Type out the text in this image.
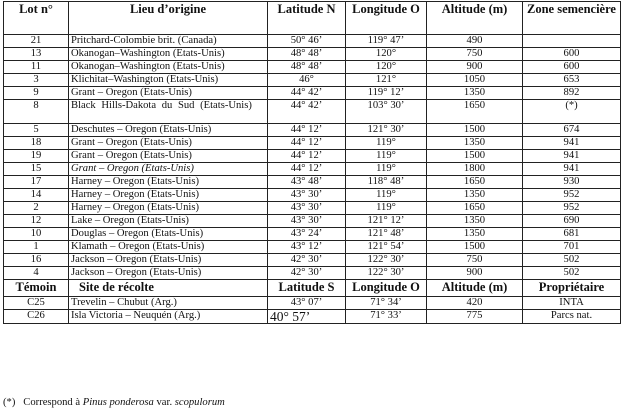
Lot n°	Lieu d’origine	Latitude N	Longitude O	Altitude (m)	Zone semencière
21	Pritchard-Colombie brit. (Canada)	50° 46’	119° 47’	490	
13	Okanogan–Washington (Etats-Unis)	48° 48’	120°	750	600
11	Okanogan–Washington (Etats-Unis)	48° 48’	120°	900	600
3	Klichitat–Washington (Etats-Unis)	46°	121°	1050	653
9	Grant – Oregon (Etats-Unis)	44° 42’	119° 12’	1350	892
8	Black Hills-Dakota du Sud (Etats-Unis)	44° 42’	103° 30’	1650	(*)
5	Deschutes – Oregon (Etats-Unis)	44° 12’	121° 30’	1500	674
18	Grant – Oregon (Etats-Unis)	44° 12’	119°	1350	941
19	Grant – Oregon (Etats-Unis)	44° 12’	119°	1500	941
15	Grant – Oregon (Etats-Unis)	44° 12’	119°	1800	941
17	Harney – Oregon (Etats-Unis)	43° 48’	118° 48’	1650	930
14	Harney – Oregon (Etats-Unis)	43° 30’	119°	1350	952
2	Harney – Oregon (Etats-Unis)	43° 30’	119°	1650	952
12	Lake – Oregon (Etats-Unis)	43° 30’	121° 12’	1350	690
10	Douglas – Oregon (Etats-Unis)	43° 24’	121° 48’	1350	681
1	Klamath – Oregon (Etats-Unis)	43° 12’	121° 54’	1500	701
16	Jackson – Oregon (Etats-Unis)	42° 30’	122° 30’	750	502
4	Jackson – Oregon (Etats-Unis)	42° 30’	122° 30’	900	502
Témoin	Site de récolte	Latitude S	Longitude O	Altitude (m)	Propriétaire
C25	Trevelin – Chubut (Arg.)	43° 07’	71° 34’	420	INTA
C26	Isla Victoria – Neuquén (Arg.)	40° 57’	71° 33’	775	Parcs nat.
(*)   Correspond à Pinus ponderosa var. scopulorum
